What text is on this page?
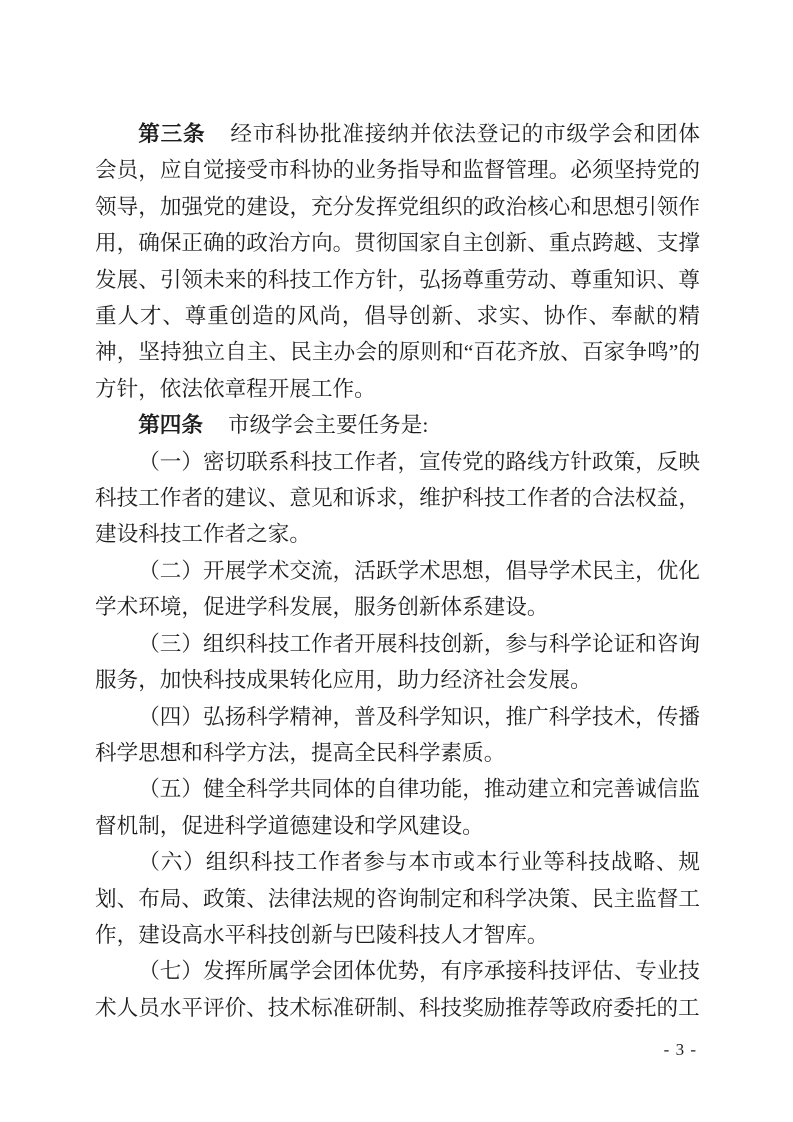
第三条 经市科协批准接纳并依法登记的市级学会和团体会员，应自觉接受市科协的业务指导和监督管理。必须坚持党的领导，加强党的建设，充分发挥党组织的政治核心和思想引领作用，确保正确的政治方向。贯彻国家自主创新、重点跨越、支撑发展、引领未来的科技工作方针，弘扬尊重劳动、尊重知识、尊重人才、尊重创造的风尚，倡导创新、求实、协作、奉献的精神，坚持独立自主、民主办会的原则和“百花齐放、百家争鸣”的方针，依法依章程开展工作。

第四条 市级学会主要任务是:

（一）密切联系科技工作者，宣传党的路线方针政策，反映科技工作者的建议、意见和诉求，维护科技工作者的合法权益，建设科技工作者之家。

（二）开展学术交流，活跃学术思想，倡导学术民主，优化学术环境，促进学科发展，服务创新体系建设。

（三）组织科技工作者开展科技创新，参与科学论证和咨询服务，加快科技成果转化应用，助力经济社会发展。

（四）弘扬科学精神，普及科学知识，推广科学技术，传播科学思想和科学方法，提高全民科学素质。

（五）健全科学共同体的自律功能，推动建立和完善诚信监督机制，促进科学道德建设和学风建设。

（六）组织科技工作者参与本市或本行业等科技战略、规划、布局、政策、法律法规的咨询制定和科学决策、民主监督工作，建设高水平科技创新与巴陵科技人才智库。

（七）发挥所属学会团体优势，有序承接科技评估、专业技术人员水平评价、技术标准研制、科技奖励推荐等政府委托的工

- 3 -
